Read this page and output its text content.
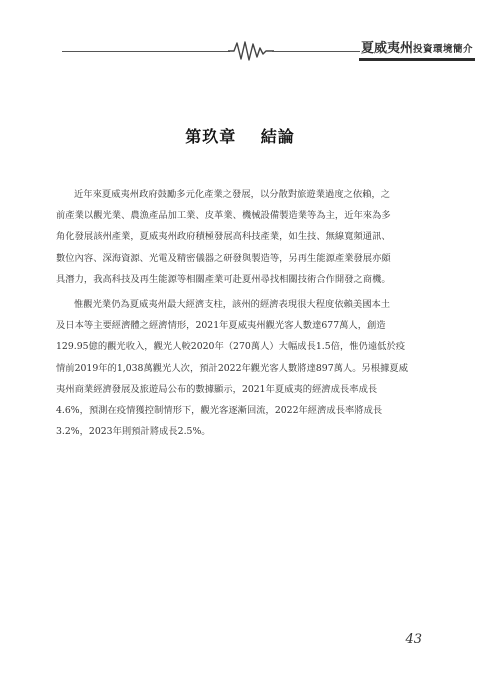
夏威夷州投資環境簡介
第玖章 結論
近年來夏威夷州政府鼓勵多元化產業之發展，以分散對旅遊業過度之依賴，之
前產業以觀光業、農漁產品加工業、皮革業、機械設備製造業等為主，近年來為多
角化發展該州產業，夏威夷州政府積極發展高科技產業，如生技、無線寬頻通訊、
數位內容、深海資源、光電及精密儀器之研發與製造等，另再生能源產業發展亦頗
具潛力，我高科技及再生能源等相關產業可赴夏州尋找相關技術合作開發之商機。
惟觀光業仍為夏威夷州最大經濟支柱，該州的經濟表現很大程度依賴美國本土
及日本等主要經濟體之經濟情形，2021年夏威夷州觀光客人數達677萬人，創造
129.95億的觀光收入，觀光人較2020年（270萬人）大幅成長1.5倍，惟仍遠低於疫
情前2019年的1,038萬觀光人次，預計2022年觀光客人數將達897萬人。另根據夏威
夷州商業經濟發展及旅遊局公布的數據顯示，2021年夏威夷的經濟成長率成長
4.6%，預測在疫情獲控制情形下，觀光客逐漸回流，2022年經濟成長率將成長
3.2%，2023年則預計將成長2.5%。
43
